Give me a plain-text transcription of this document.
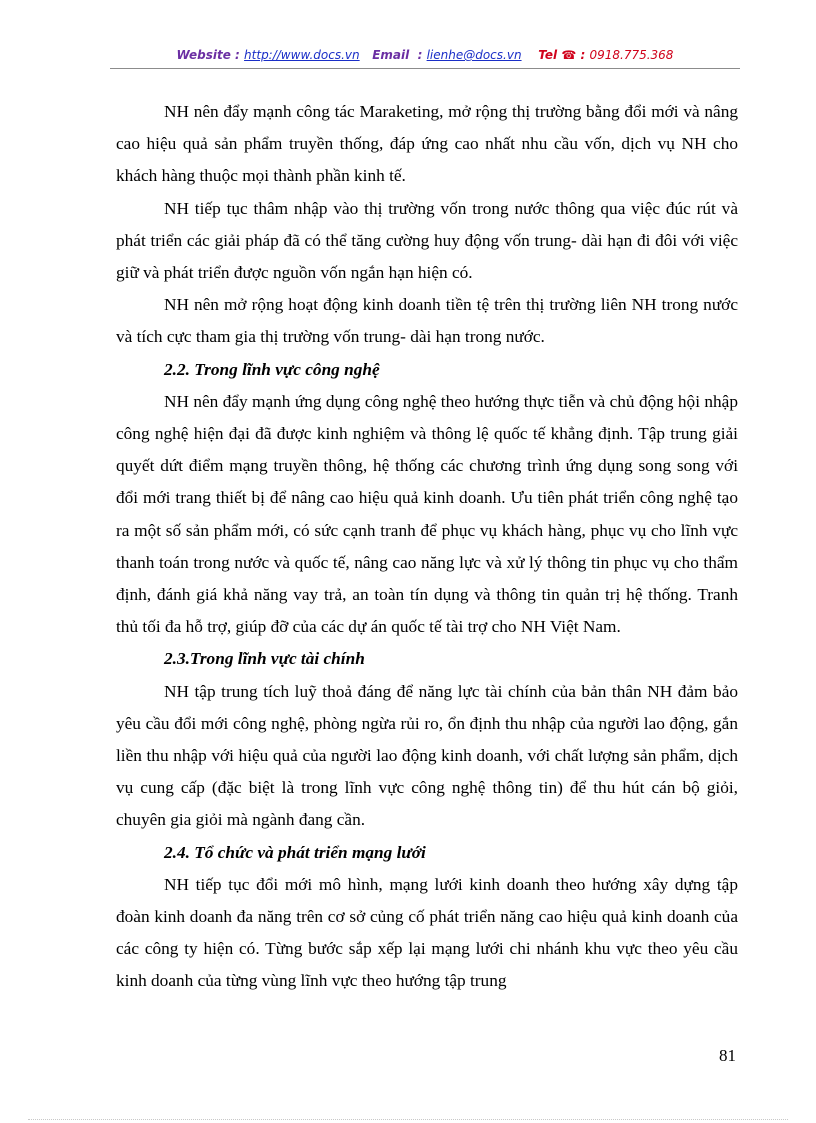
Website : http://www.docs.vn Email : lienhe@docs.vn Tel ☎ : 0918.775.368

NH nên đẩy mạnh công tác Maraketing, mở rộng thị trường bằng đổi mới và nâng cao hiệu quả sản phẩm truyền thống, đáp ứng cao nhất nhu cầu vốn, dịch vụ NH cho khách hàng thuộc mọi thành phần kinh tế.

NH tiếp tục thâm nhập vào thị trường vốn trong nước thông qua việc đúc rút và phát triển các giải pháp đã có thể tăng cường huy động vốn trung- dài hạn đi đôi với việc giữ và phát triển được nguồn vốn ngắn hạn hiện có.

NH nên mở rộng hoạt động kinh doanh tiền tệ trên thị trường liên NH trong nước và tích cực tham gia thị trường vốn trung- dài hạn trong nước.

2.2. Trong lĩnh vực công nghệ

NH nên đẩy mạnh ứng dụng công nghệ theo hướng thực tiễn và chủ động hội nhập công nghệ hiện đại đã được kinh nghiệm và thông lệ quốc tế khẳng định. Tập trung giải quyết dứt điểm mạng truyền thông, hệ thống các chương trình ứng dụng song song với đổi mới trang thiết bị để nâng cao hiệu quả kinh doanh. Ưu tiên phát triển công nghệ tạo ra một số sản phẩm mới, có sức cạnh tranh để phục vụ khách hàng, phục vụ cho lĩnh vực thanh toán trong nước và quốc tế, nâng cao năng lực và xử lý thông tin phục vụ cho thẩm định, đánh giá khả năng vay trả, an toàn tín dụng và thông tin quản trị hệ thống. Tranh thủ tối đa hỗ trợ, giúp đỡ của các dự án quốc tế tài trợ cho NH Việt Nam.

2.3.Trong lĩnh vực tài chính

NH tập trung tích luỹ thoả đáng để năng lực tài chính của bản thân NH đảm bảo yêu cầu đổi mới công nghệ, phòng ngừa rủi ro, ổn định thu nhập của người lao động, gắn liền thu nhập với hiệu quả của người lao động kinh doanh, với chất lượng sản phẩm, dịch vụ cung cấp (đặc biệt là trong lĩnh vực công nghệ thông tin) để thu hút cán bộ giỏi, chuyên gia giỏi mà ngành đang cần.

2.4. Tổ chức và phát triển mạng lưới

NH tiếp tục đổi mới mô hình, mạng lưới kinh doanh theo hướng xây dựng tập đoàn kinh doanh đa năng trên cơ sở củng cố phát triển năng cao hiệu quả kinh doanh của các công ty hiện có. Từng bước sắp xếp lại mạng lưới chi nhánh khu vực theo yêu cầu kinh doanh của từng vùng lĩnh vực theo hướng tập trung

81
